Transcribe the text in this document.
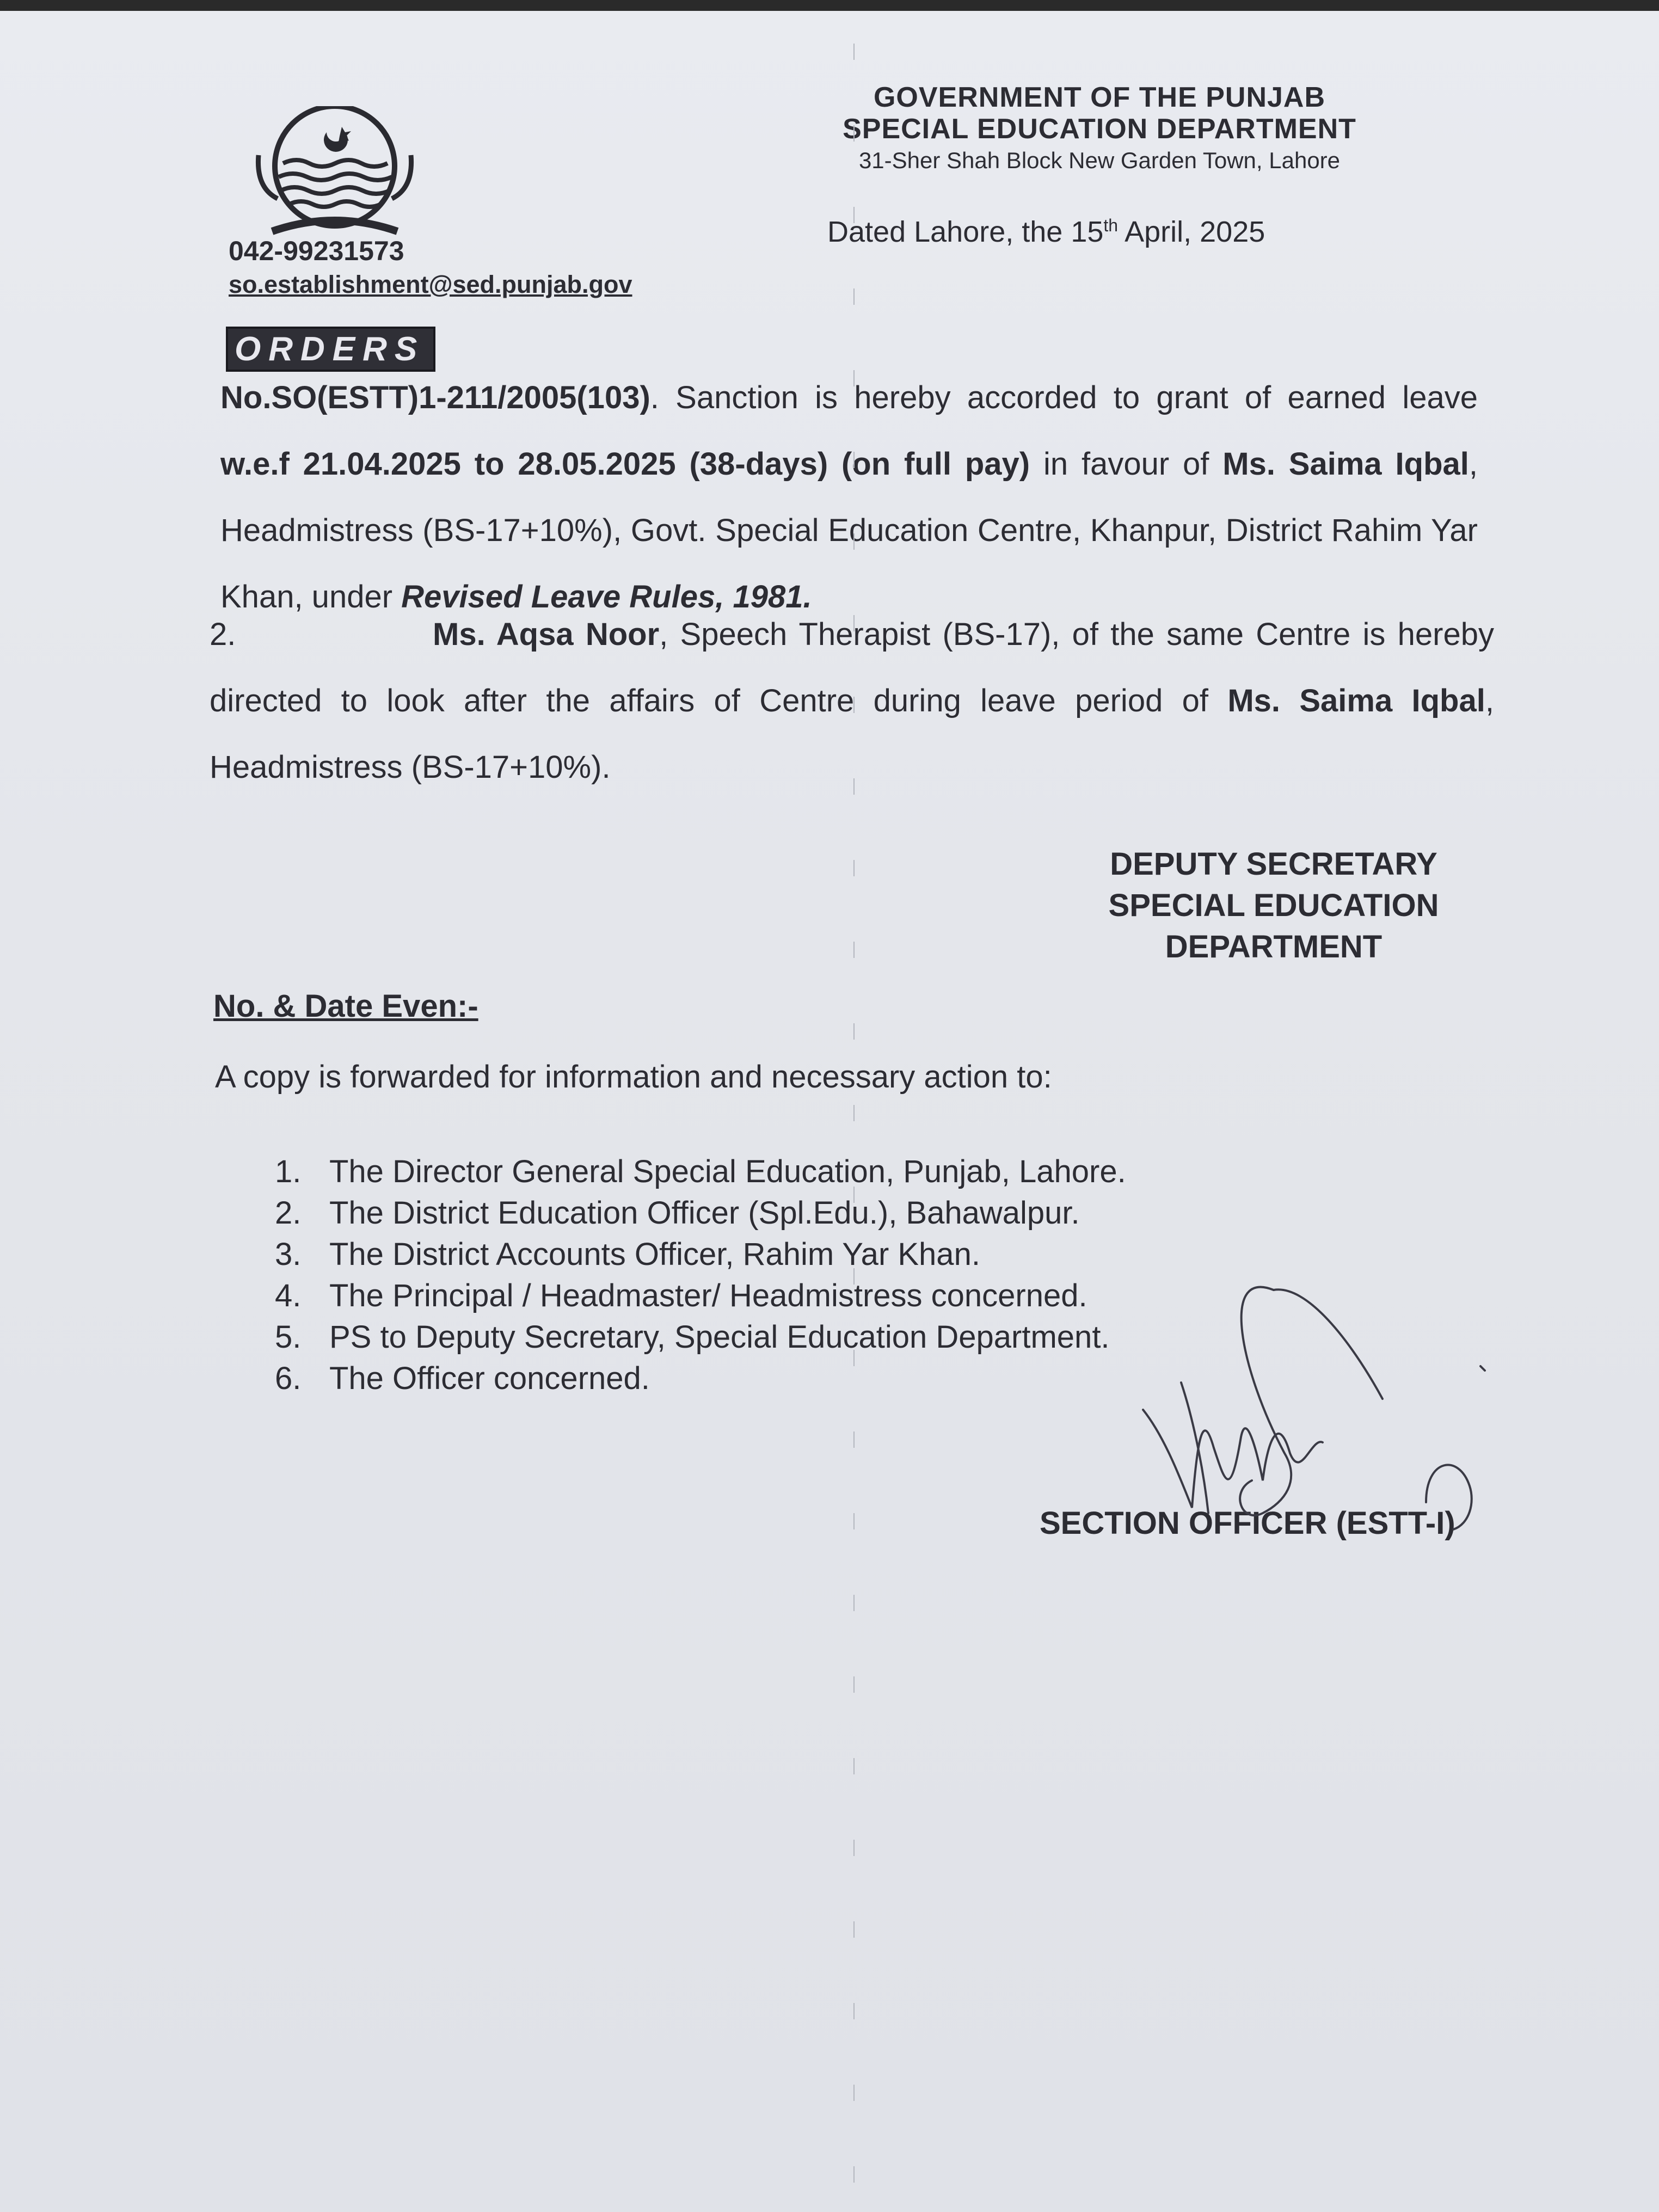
042-99231573
so.establishment@sed.punjab.gov
GOVERNMENT OF THE PUNJAB
SPECIAL EDUCATION DEPARTMENT
31-Sher Shah Block New Garden Town, Lahore
Dated Lahore, the 15th April, 2025
ORDERS
No.SO(ESTT)1-211/2005(103). Sanction is hereby accorded to grant of earned leave w.e.f 21.04.2025 to 28.05.2025 (38-days) (on full pay) in favour of Ms. Saima Iqbal, Headmistress (BS-17+10%), Govt. Special Education Centre, Khanpur, District Rahim Yar Khan, under Revised Leave Rules, 1981.
2.	Ms. Aqsa Noor, Speech Therapist (BS-17), of the same Centre is hereby directed to look after the affairs of Centre during leave period of Ms. Saima Iqbal, Headmistress (BS-17+10%).
DEPUTY SECRETARY
SPECIAL EDUCATION
DEPARTMENT
No. & Date Even:-
A copy is forwarded for information and necessary action to:
1. The Director General Special Education, Punjab, Lahore.
2. The District Education Officer (Spl.Edu.), Bahawalpur.
3. The District Accounts Officer, Rahim Yar Khan.
4. The Principal / Headmaster/ Headmistress concerned.
5. PS to Deputy Secretary, Special Education Department.
6. The Officer concerned.
SECTION OFFICER (ESTT-I)
